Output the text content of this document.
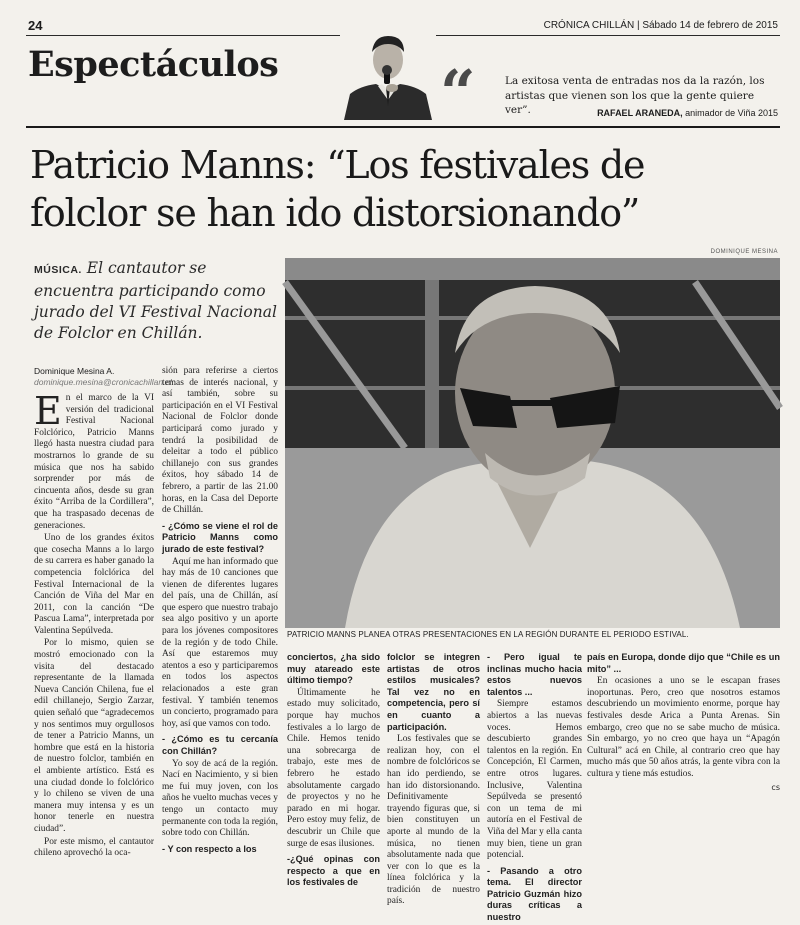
24	CRÓNICA CHILLÁN | Sábado 14 de febrero de 2015
Espectáculos	“	La exitosa venta de entradas nos da la razón, los artistas que vienen son los que la gente quiere ver”.	RAFAEL ARANEDA, animador de Viña 2015
Patricio Manns: “Los festivales de folclor se han ido distorsionando”
MÚSICA. El cantautor se encuentra participando como jurado del VI Festival Nacional de Folclor en Chillán.
Dominique Mesina A.
dominique.mesina@cronicachillan.cl

En el marco de la VI versión del tradicional Festival Nacional Folclórico, Patricio Manns llegó hasta nuestra ciudad para mostrarnos lo grande de su música que nos ha sabido sorprender por más de cincuenta años, desde su gran éxito “Arriba de la Cordillera”, que ha traspasado decenas de generaciones.

Uno de los grandes éxitos que cosecha Manns a lo largo de su carrera es haber ganado la competencia folclórica del Festival Internacional de la Canción de Viña del Mar en 2011, con la canción “De Pascua Lama”, interpretada por Valentina Sepúlveda.

Por lo mismo, quien se mostró emocionado con la visita del destacado representante de la llamada Nueva Canción Chilena, fue el edil chillanejo, Sergio Zarzar, quien señaló que “agradecemos y nos sentimos muy orgullosos de tener a Patricio Manns, un hombre que está en la historia de nuestro folclor, también en el ambiente artístico. Está es una ciudad donde lo folclórico y lo chileno se viven de una manera muy intensa y es un honor tenerle en nuestra ciudad”.

Por este mismo, el cantautor chileno aprovechó la oca-

sión para referirse a ciertos temas de interés nacional, y así también, sobre su participación en el VI Festival Nacional de Folclor donde participará como jurado y tendrá la posibilidad de deleitar a todo el público chillanejo con sus grandes éxitos, hoy sábado 14 de febrero, a partir de las 21.00 horas, en la Casa del Deporte de Chillán.

- ¿Cómo se viene el rol de Patricio Manns como jurado de este festival?

Aquí me han informado que hay más de 10 canciones que vienen de diferentes lugares del país, una de Chillán, así que espero que nuestro trabajo sea algo positivo y un aporte para los jóvenes compositores de la región y de todo Chile. Así que estaremos muy atentos a eso y participaremos en todos los aspectos relacionados a este gran festival. Y también tenemos un concierto, programado para hoy, así que vamos con todo.

- ¿Cómo es tu cercanía con Chillán?

Yo soy de acá de la región. Nací en Nacimiento, y si bien me fui muy joven, con los años he vuelto muchas veces y tengo un contacto muy permanente con toda la región, sobre todo con Chillán.

- Y con respecto a los

DOMINIQUE MESINA
PATRICIO MANNS PLANEA OTRAS PRESENTACIONES EN LA REGIÓN DURANTE EL PERIODO ESTIVAL.

conciertos, ¿ha sido muy atareado este último tiempo?

Últimamente he estado muy solicitado, porque hay muchos festivales a lo largo de Chile. Hemos tenido una sobrecarga de trabajo, este mes de febrero he estado absolutamente cargado de proyectos y no he parado en mi hogar. Pero estoy muy feliz, de descubrir un Chile que surge de esas ilusiones.

-¿Qué opinas con respecto a que en los festivales de

folclor se integren artistas de otros estilos musicales? Tal vez no en competencia, pero sí en cuanto a participación.

Los festivales que se realizan hoy, con el nombre de folclóricos se han ido perdiendo, se han ido distorsionando. Definitivamente trayendo figuras que, si bien constituyen un aporte al mundo de la música, no tienen absolutamente nada que ver con lo que es la línea folclórica y la tradición de nuestro país.

- Pero igual te inclinas mucho hacia estos nuevos talentos ...

Siempre estamos abiertos a las nuevas voces. Hemos descubierto grandes talentos en la región. En Concepción, El Carmen, entre otros lugares. Inclusive, Valentina Sepúlveda se presentó con un tema de mi autoría en el Festival de Viña del Mar y ella canta muy bien, tiene un gran potencial.

- Pasando a otro tema. El director Patricio Guzmán hizo duras críticas a nuestro

país en Europa, donde dijo que “Chile es un mito” ...

En ocasiones a uno se le escapan frases inoportunas. Pero, creo que nosotros estamos descubriendo un movimiento enorme, porque hay festivales desde Arica a Punta Arenas. Sin embargo, creo que no se sabe mucho de música. Sin embargo, yo no creo que haya un “Apagón Cultural” acá en Chile, al contrario creo que hay mucho más que 50 años atrás, la gente vibra con la cultura y tiene más estudios.

cs
